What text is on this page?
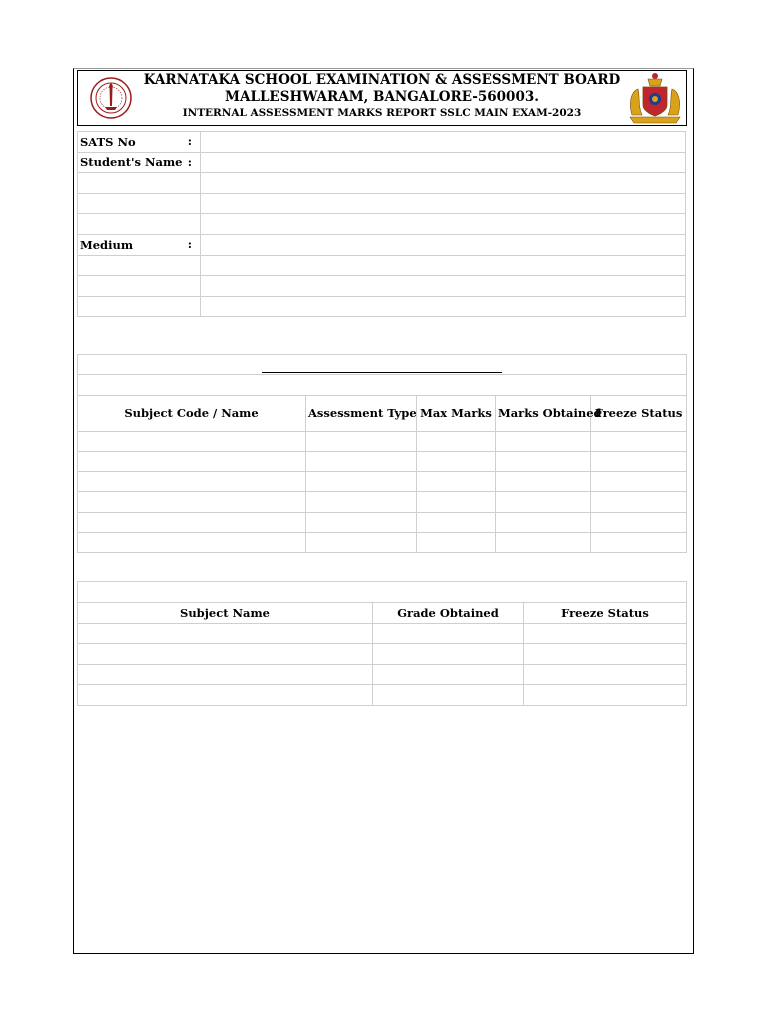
KARNATAKA SCHOOL EXAMINATION & ASSESSMENT BOARD
MALLESHWARAM, BANGALORE-560003.
INTERNAL ASSESSMENT MARKS REPORT SSLC MAIN EXAM-2023
SATS No :	

Student's Name :	

Medium :	

Subject Code / Name	Assessment Type	Max Marks	Marks Obtained	Freeze Status

Subject Name	Grade Obtained	Freeze Status
